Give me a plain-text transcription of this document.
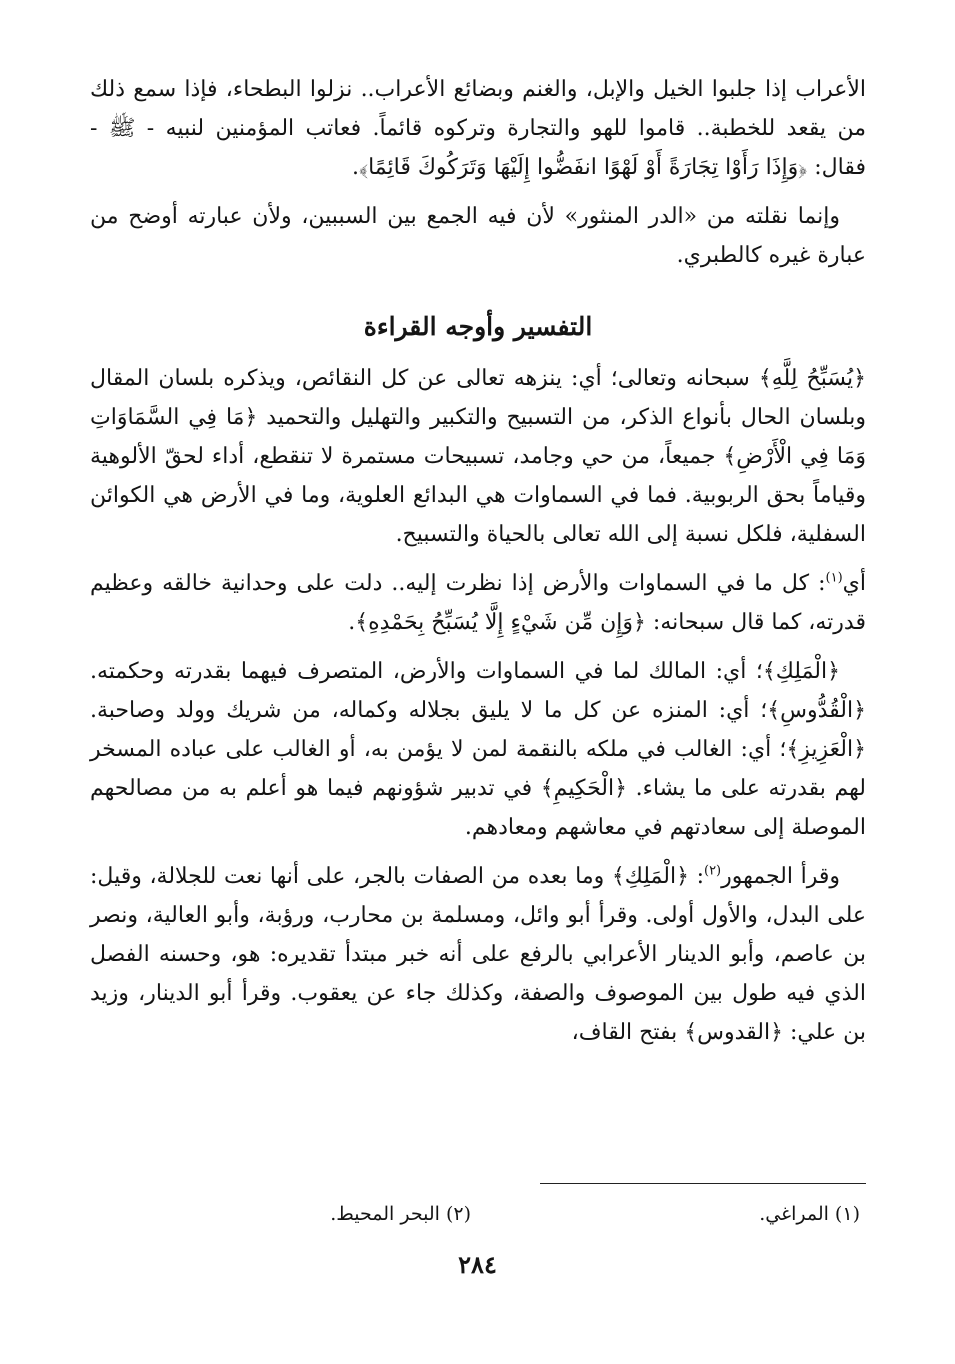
الأعراب إذا جلبوا الخيل والإبل، والغنم وبضائع الأعراب.. نزلوا البطحاء، فإذا سمع ذلك من يقعد للخطبة.. قاموا للهو والتجارة وتركوه قائماً. فعاتب المؤمنين لنبيه - ﷺ - فقال: ﴿وَإِذَا رَأَوْا تِجَارَةً أَوْ لَهْوًا انفَضُّوا إِلَيْهَا وَتَرَكُوكَ قَائِمًا﴾.

وإنما نقلته من «الدر المنثور» لأن فيه الجمع بين السببين، ولأن عبارته أوضح من عبارة غيره كالطبري.

التفسير وأوجه القراءة

﴿يُسَبِّحُ لِلَّهِ﴾ سبحانه وتعالى؛ أي: ينزهه تعالى عن كل النقائص، ويذكره بلسان المقال وبلسان الحال بأنواع الذكر، من التسبيح والتكبير والتهليل والتحميد ﴿مَا فِي السَّمَاوَاتِ وَمَا فِي الْأَرْضِ﴾ جميعاً، من حي وجامد، تسبيحات مستمرة لا تنقطع، أداء لحقّ الألوهية وقياماً بحق الربوبية. فما في السماوات هي البدائع العلوية، وما في الأرض هي الكوائن السفلية، فلكل نسبة إلى الله تعالى بالحياة والتسبيح.

أي$^{(١)}$: كل ما في السماوات والأرض إذا نظرت إليه.. دلت على وحدانية خالقه وعظيم قدرته، كما قال سبحانه: ﴿وَإِن مِّن شَيْءٍ إِلَّا يُسَبِّحُ بِحَمْدِهِ﴾.

﴿الْمَلِكِ﴾؛ أي: المالك لما في السماوات والأرض، المتصرف فيهما بقدرته وحكمته. ﴿الْقُدُّوسِ﴾؛ أي: المنزه عن كل ما لا يليق بجلاله وكماله، من شريك وولد وصاحبة. ﴿الْعَزِيزِ﴾؛ أي: الغالب في ملكه بالنقمة لمن لا يؤمن به، أو الغالب على عباده المسخر لهم بقدرته على ما يشاء. ﴿الْحَكِيمِ﴾ في تدبير شؤونهم فيما هو أعلم به من مصالحهم الموصلة إلى سعادتهم في معاشهم ومعادهم.

وقرأ الجمهور$^{(٢)}$: ﴿الْمَلِكِ﴾ وما بعده من الصفات بالجر، على أنها نعت للجلالة، وقيل: على البدل، والأول أولى. وقرأ أبو وائل، ومسلمة بن محارب، ورؤبة، وأبو العالية، ونصر بن عاصم، وأبو الدينار الأعرابي بالرفع على أنه خبر مبتدأ تقديره: هو، وحسنه الفصل الذي فيه طول بين الموصوف والصفة، وكذلك جاء عن يعقوب. وقرأ أبو الدينار، وزيد بن علي: ﴿القدوس﴾ بفتح القاف،

(١) المراغي.
(٢) البحر المحيط.
٢٨٤
